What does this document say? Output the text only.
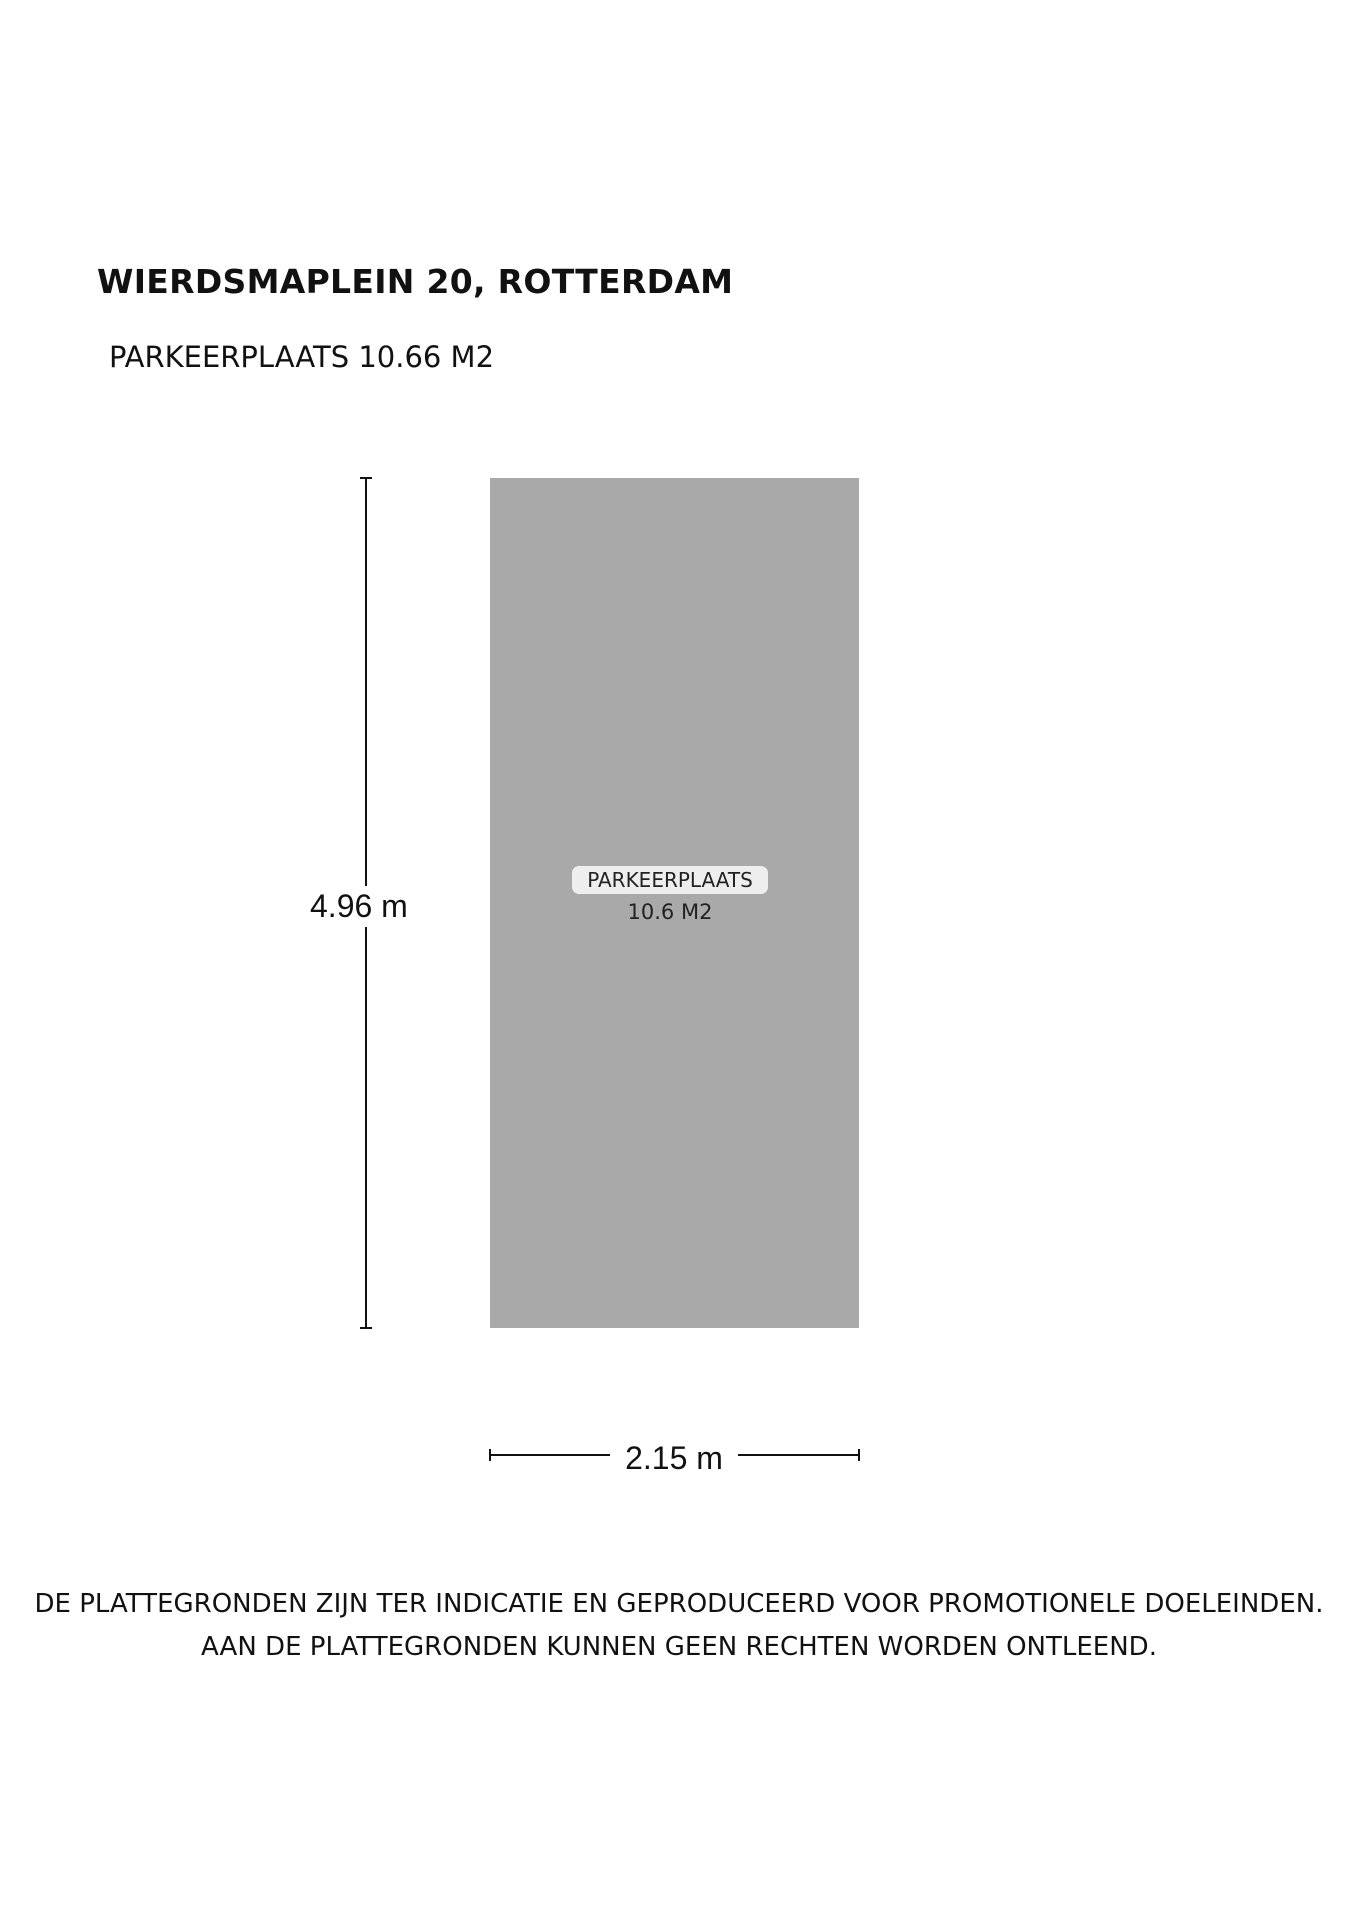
WIERDSMAPLEIN 20, ROTTERDAM
PARKEERPLAATS 10.66 M2
PARKEERPLAATS
10.6 M2
4.96 m
2.15 m
DE PLATTEGRONDEN ZIJN TER INDICATIE EN GEPRODUCEERD VOOR PROMOTIONELE DOELEINDEN.
AAN DE PLATTEGRONDEN KUNNEN GEEN RECHTEN WORDEN ONTLEEND.
